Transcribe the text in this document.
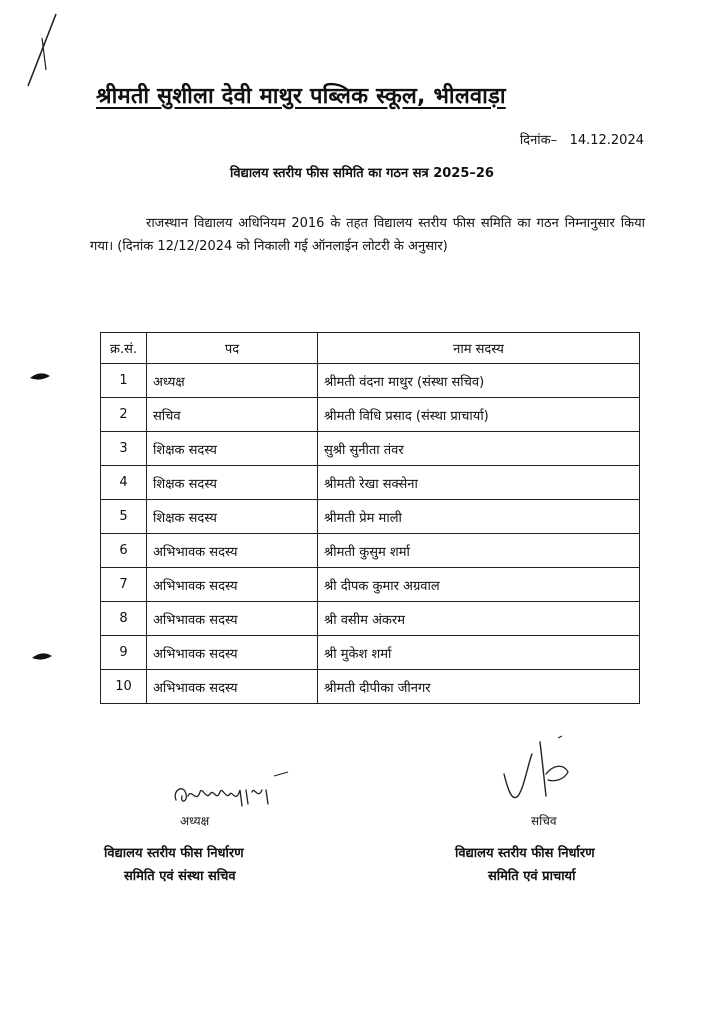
श्रीमती सुशीला देवी माथुर पब्लिक स्कूल, भीलवाड़ा
दिनांक– 14.12.2024
विद्यालय स्तरीय फीस समिति का गठन सत्र 2025–26
राजस्थान विद्यालय अधिनियम 2016 के तहत विद्यालय स्तरीय फीस समिति का गठन निम्नानुसार किया गया। (दिनांक 12/12/2024 को निकाली गई ऑनलाईन लोटरी के अनुसार)
क्र.सं.	पद	नाम सदस्य
1	अध्यक्ष	श्रीमती वंदना माथुर (संस्था सचिव)
2	सचिव	श्रीमती विधि प्रसाद (संस्था प्राचार्या)
3	शिक्षक सदस्य	सुश्री सुनीता तंवर
4	शिक्षक सदस्य	श्रीमती रेखा सक्सेना
5	शिक्षक सदस्य	श्रीमती प्रेम माली
6	अभिभावक सदस्य	श्रीमती कुसुम शर्मा
7	अभिभावक सदस्य	श्री दीपक कुमार अग्रवाल
8	अभिभावक सदस्य	श्री वसीम अंकरम
9	अभिभावक सदस्य	श्री मुकेश शर्मा
10	अभिभावक सदस्य	श्रीमती दीपीका जीनगर
अध्यक्ष
विद्यालय स्तरीय फीस निर्धारण
समिति एवं संस्था सचिव
सचिव
विद्यालय स्तरीय फीस निर्धारण
समिति एवं प्राचार्या
